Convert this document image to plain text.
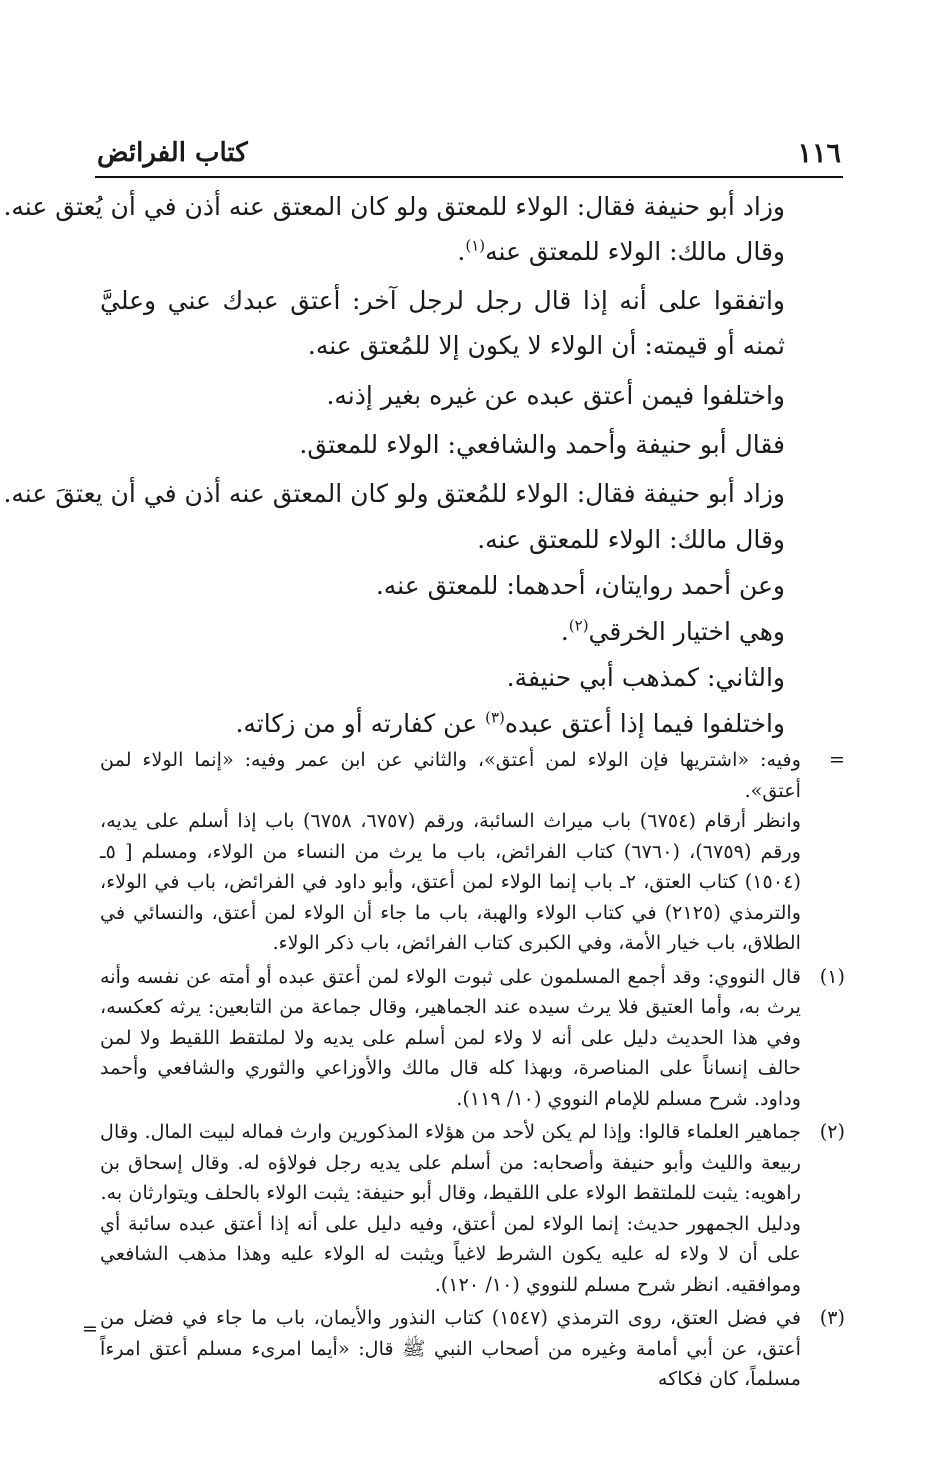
١١٦
كتاب الفرائض

وزاد أبو حنيفة فقال: الولاء للمعتق ولو كان المعتق عنه أذن في أن يُعتق عنه.

وقال مالك: الولاء للمعتق عنه$^{(١)}$.

واتفقوا على أنه إذا قال رجل لرجل آخر: أعتق عبدك عني وعليَّ ثمنه أو قيمته: أن الولاء لا يكون إلا للمُعتق عنه.

واختلفوا فيمن أعتق عبده عن غيره بغير إذنه.

فقال أبو حنيفة وأحمد والشافعي: الولاء للمعتق.

وزاد أبو حنيفة فقال: الولاء للمُعتق ولو كان المعتق عنه أذن في أن يعتقَ عنه.

وقال مالك: الولاء للمعتق عنه.

وعن أحمد روايتان، أحدهما: للمعتق عنه.

وهي اختيار الخرقي$^{(٢)}$.

والثاني: كمذهب أبي حنيفة.

واختلفوا فيما إذا أعتق عبده$^{(٣)}$ عن كفارته أو من زكاته.

=
وفيه: «اشتريها فإن الولاء لمن أعتق»، والثاني عن ابن عمر وفيه: «إنما الولاء لمن أعتق».
وانظر أرقام (٦٧٥٤) باب ميراث السائبة، ورقم (٦٧٥٧، ٦٧٥٨) باب إذا أسلم على يديه، ورقم (٦٧٥٩)، (٦٧٦٠) كتاب الفرائض، باب ما يرث من النساء من الولاء، ومسلم [ ٥ـ (١٥٠٤) كتاب العتق، ٢ـ باب إنما الولاء لمن أعتق، وأبو داود في الفرائض، باب في الولاء، والترمذي (٢١٢٥) في كتاب الولاء والهبة، باب ما جاء أن الولاء لمن أعتق، والنسائي في الطلاق، باب خيار الأمة، وفي الكبرى كتاب الفرائض، باب ذكر الولاء.
(١)
قال النووي: وقد أجمع المسلمون على ثبوت الولاء لمن أعتق عبده أو أمته عن نفسه وأنه يرث به، وأما العتيق فلا يرث سيده عند الجماهير، وقال جماعة من التابعين: يرثه كعكسه، وفي هذا الحديث دليل على أنه لا ولاء لمن أسلم على يديه ولا لملتقط اللقيط ولا لمن حالف إنساناً على المناصرة، وبهذا كله قال مالك والأوزاعي والثوري والشافعي وأحمد وداود. شرح مسلم للإمام النووي (١٠/ ١١٩).
(٢)
جماهير العلماء قالوا: وإذا لم يكن لأحد من هؤلاء المذكورين وارث فماله لبيت المال. وقال ربيعة والليث وأبو حنيفة وأصحابه: من أسلم على يديه رجل فولاؤه له. وقال إسحاق بن راهويه: يثبت للملتقط الولاء على اللقيط، وقال أبو حنيفة: يثبت الولاء بالحلف ويتوارثان به.
ودليل الجمهور حديث: إنما الولاء لمن أعتق، وفيه دليل على أنه إذا أعتق عبده سائبة أي على أن لا ولاء له عليه يكون الشرط لاغياً ويثبت له الولاء عليه وهذا مذهب الشافعي وموافقيه. انظر شرح مسلم للنووي (١٠/ ١٢٠).
(٣)
في فضل العتق، روى الترمذي (١٥٤٧) كتاب النذور والأيمان، باب ما جاء في فضل من أعتق، عن أبي أمامة وغيره من أصحاب النبي ﷺ قال: «أيما امرىء مسلم أعتق امرءاً مسلماً، كان فكاكه
=
